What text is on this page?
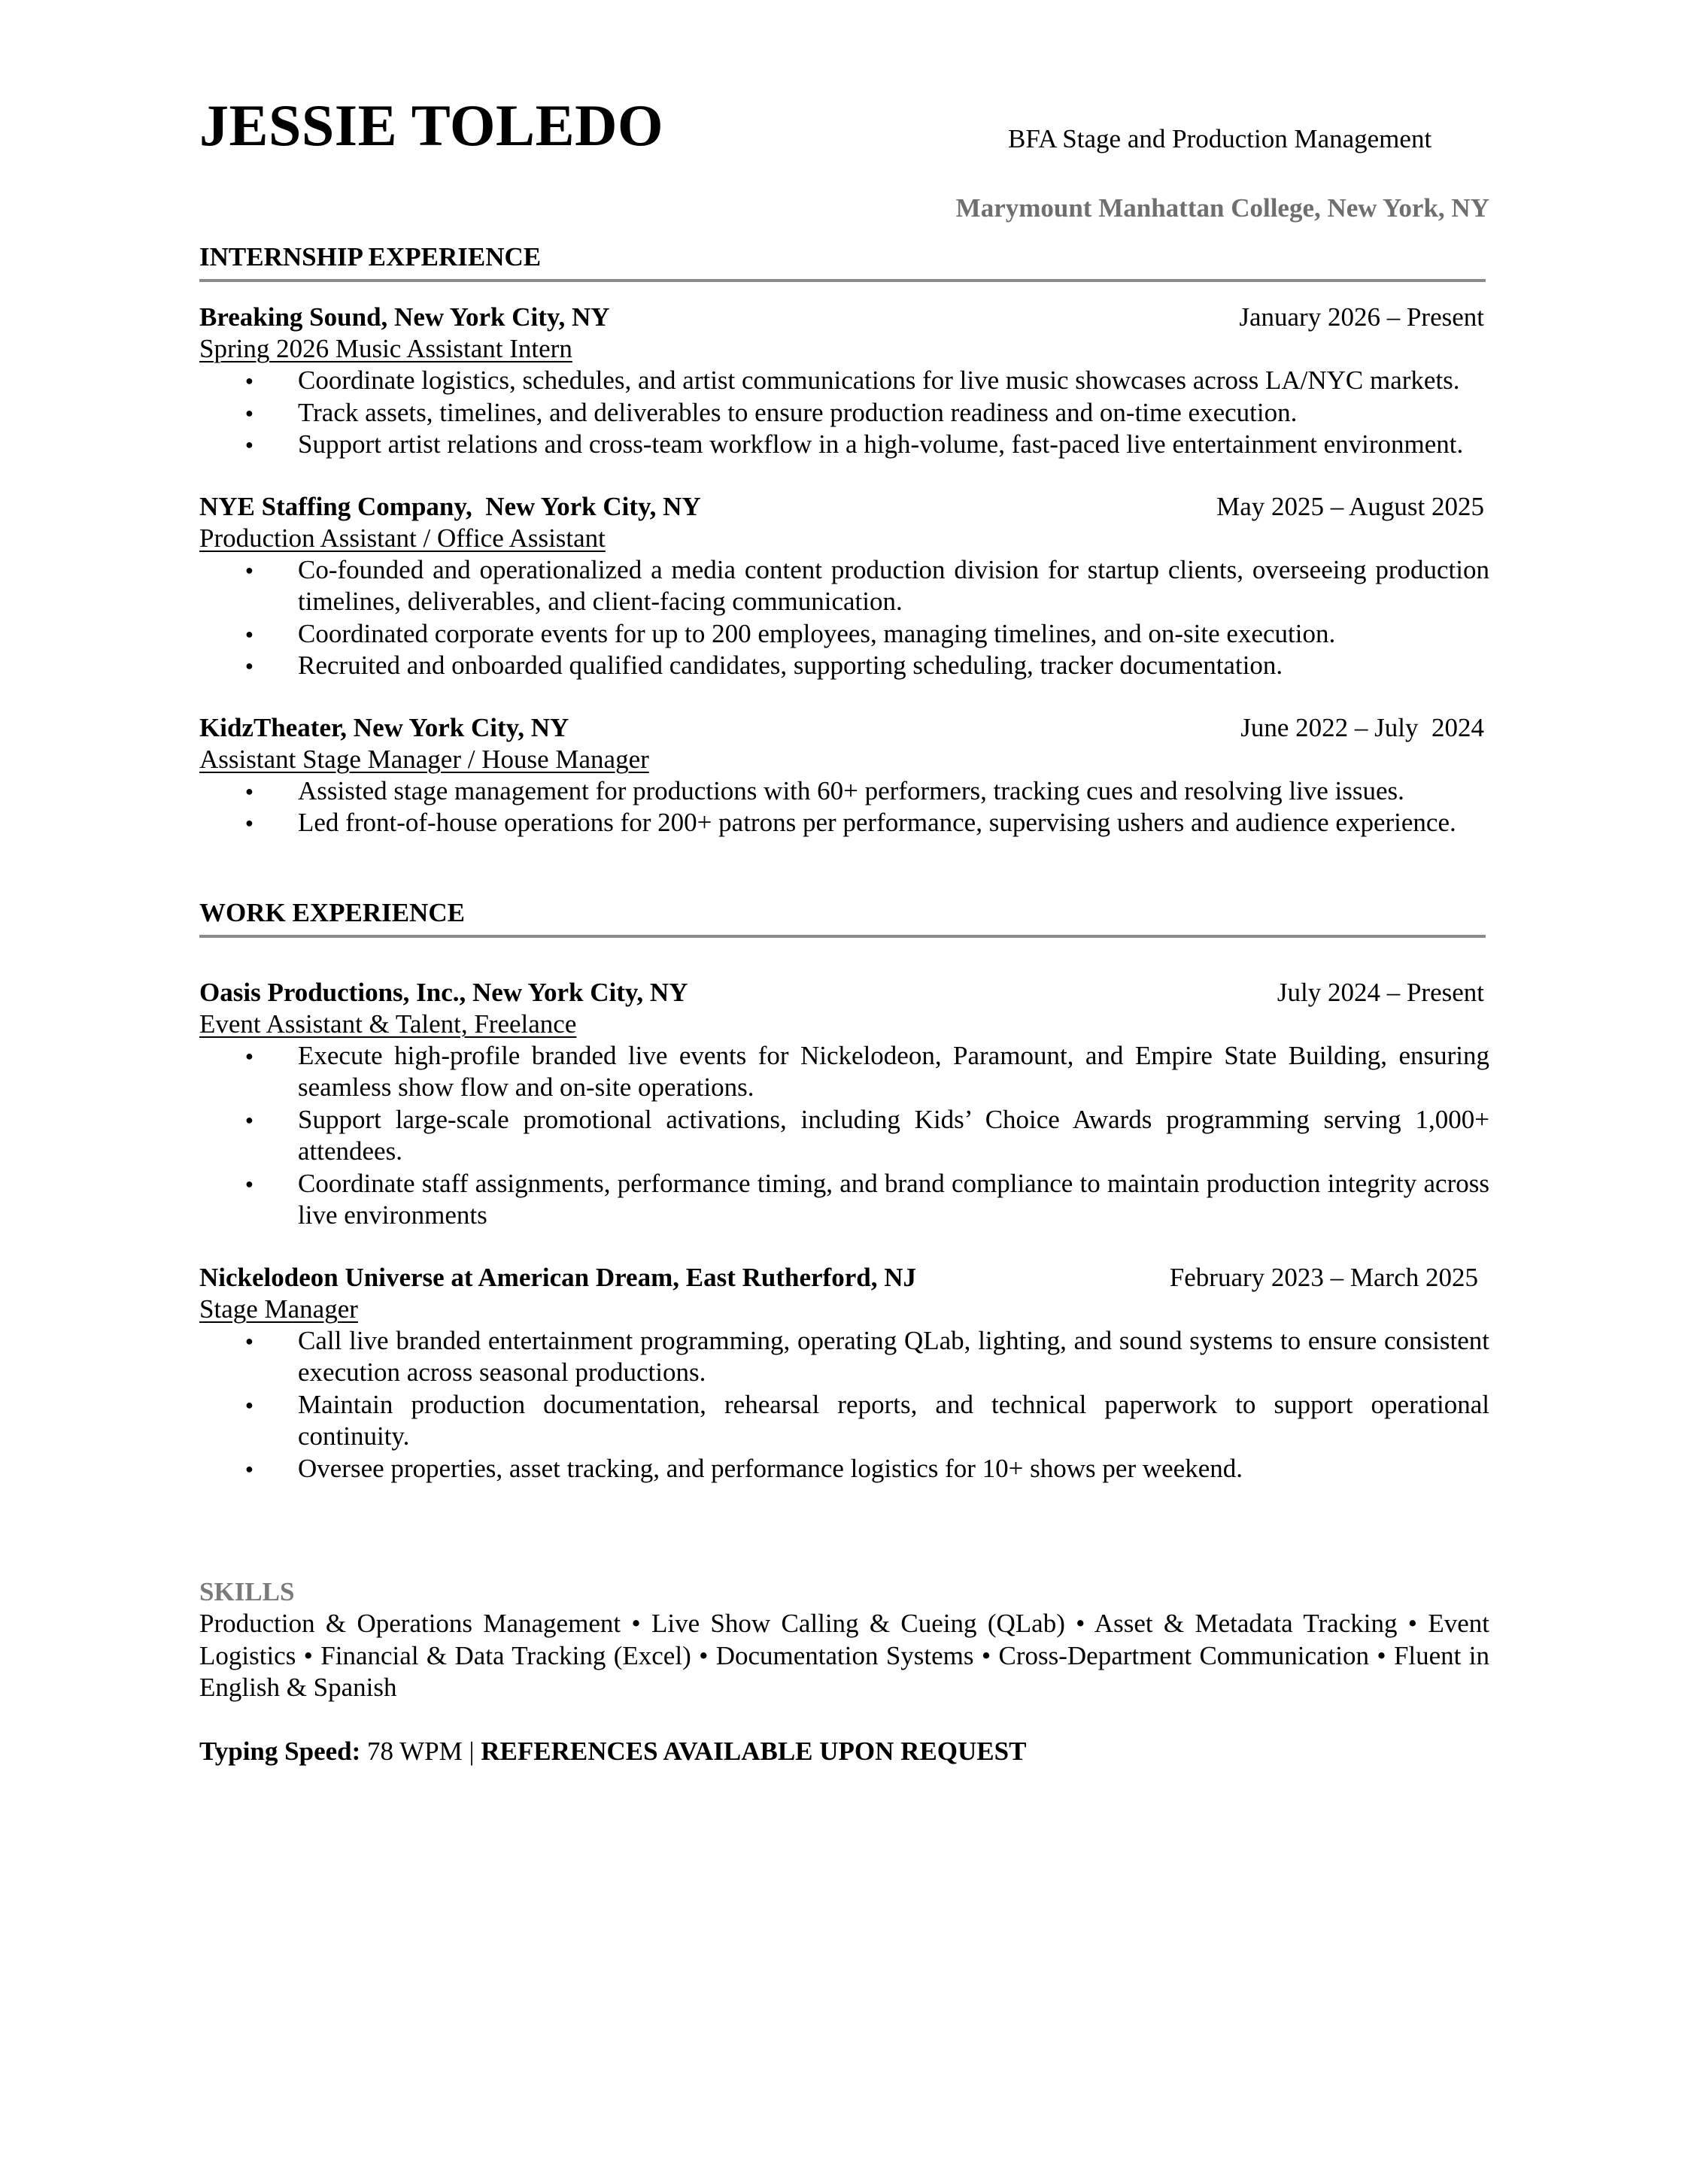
JESSIE TOLEDO	BFA Stage and Production Management
Marymount Manhattan College, New York, NY
INTERNSHIP EXPERIENCE
Breaking Sound, New York City, NY	January 2026 – Present
Spring 2026 Music Assistant Intern
● Coordinate logistics, schedules, and artist communications for live music showcases across LA/NYC markets.
● Track assets, timelines, and deliverables to ensure production readiness and on-time execution.
● Support artist relations and cross-team workflow in a high-volume, fast-paced live entertainment environment.
NYE Staffing Company,  New York City, NY	May 2025 – August 2025
Production Assistant / Office Assistant
● Co-founded and operationalized a media content production division for startup clients, overseeing production timelines, deliverables, and client-facing communication.
● Coordinated corporate events for up to 200 employees, managing timelines, and on-site execution.
● Recruited and onboarded qualified candidates, supporting scheduling, tracker documentation.
KidzTheater, New York City, NY	June 2022 – July  2024
Assistant Stage Manager / House Manager
● Assisted stage management for productions with 60+ performers, tracking cues and resolving live issues.
● Led front-of-house operations for 200+ patrons per performance, supervising ushers and audience experience.
WORK EXPERIENCE
Oasis Productions, Inc., New York City, NY	July 2024 – Present
Event Assistant & Talent, Freelance
● Execute high-profile branded live events for Nickelodeon, Paramount, and Empire State Building, ensuring seamless show flow and on-site operations.
● Support large-scale promotional activations, including Kids’ Choice Awards programming serving 1,000+ attendees.
● Coordinate staff assignments, performance timing, and brand compliance to maintain production integrity across live environments
Nickelodeon Universe at American Dream, East Rutherford, NJ	February 2023 – March 2025
Stage Manager
● Call live branded entertainment programming, operating QLab, lighting, and sound systems to ensure consistent execution across seasonal productions.
● Maintain production documentation, rehearsal reports, and technical paperwork to support operational continuity.
● Oversee properties, asset tracking, and performance logistics for 10+ shows per weekend.
SKILLS
Production & Operations Management • Live Show Calling & Cueing (QLab) • Asset & Metadata Tracking • Event Logistics • Financial & Data Tracking (Excel) • Documentation Systems • Cross-Department Communication • Fluent in English & Spanish
Typing Speed: 78 WPM | REFERENCES AVAILABLE UPON REQUEST
